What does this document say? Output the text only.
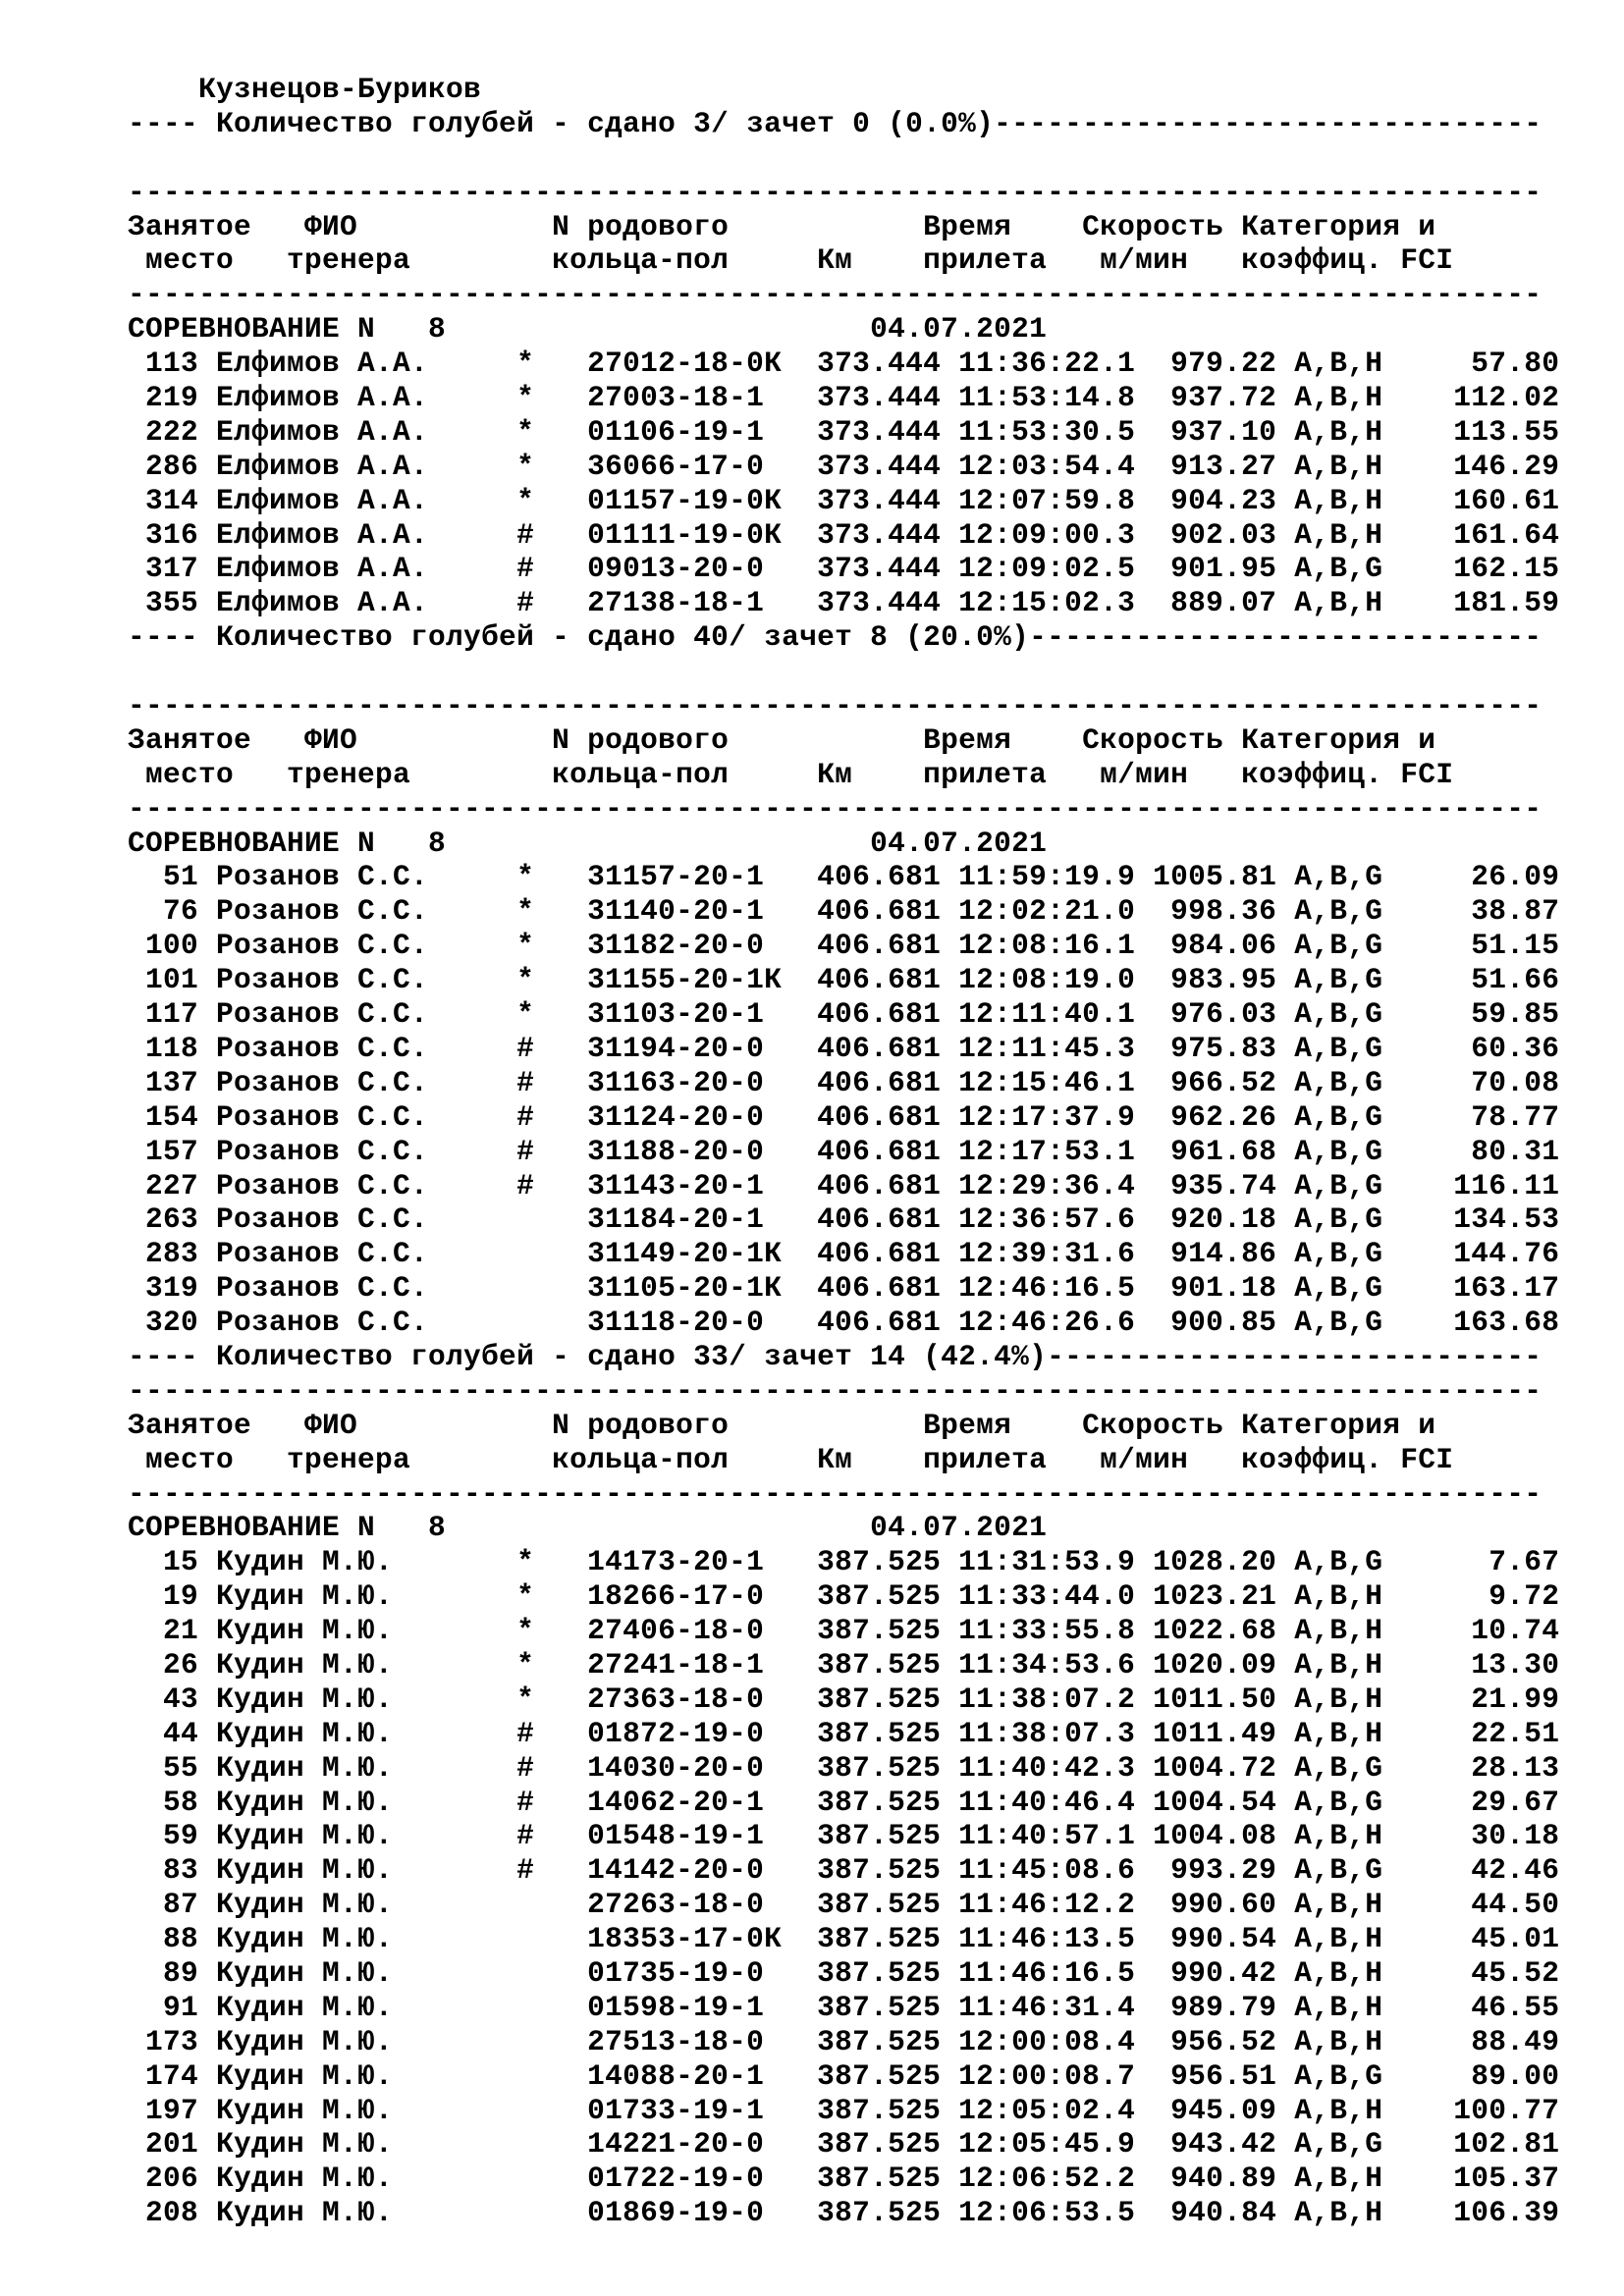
Кузнецов-Буриков
---- Количество голубей - сдано 3/ зачет 0 (0.0%)-------------------------------
--------------------------------------------------------------------------------
Занятое   ФИО           N родового           Время    Скорость Категория и
место   тренера        кольца-пол     Км    прилета   м/мин   коэффиц. FCI
--------------------------------------------------------------------------------
СОРЕВНОВАНИЕ N   8                        04.07.2021
113 Елфимов А.А.     *   27012-18-0К  373.444 11:36:22.1  979.22 A,B,H     57.80
219 Елфимов А.А.     *   27003-18-1   373.444 11:53:14.8  937.72 A,B,H    112.02
222 Елфимов А.А.     *   01106-19-1   373.444 11:53:30.5  937.10 A,B,H    113.55
286 Елфимов А.А.     *   36066-17-0   373.444 12:03:54.4  913.27 A,B,H    146.29
314 Елфимов А.А.     *   01157-19-0К  373.444 12:07:59.8  904.23 A,B,H    160.61
316 Елфимов А.А.     #   01111-19-0К  373.444 12:09:00.3  902.03 A,B,H    161.64
317 Елфимов А.А.     #   09013-20-0   373.444 12:09:02.5  901.95 A,B,G    162.15
355 Елфимов А.А.     #   27138-18-1   373.444 12:15:02.3  889.07 A,B,H    181.59
---- Количество голубей - сдано 40/ зачет 8 (20.0%)-----------------------------
--------------------------------------------------------------------------------
Занятое   ФИО           N родового           Время    Скорость Категория и
место   тренера        кольца-пол     Км    прилета   м/мин   коэффиц. FCI
--------------------------------------------------------------------------------
СОРЕВНОВАНИЕ N   8                        04.07.2021
51 Розанов С.С.     *   31157-20-1   406.681 11:59:19.9 1005.81 A,B,G     26.09
76 Розанов С.С.     *   31140-20-1   406.681 12:02:21.0  998.36 A,B,G     38.87
100 Розанов С.С.     *   31182-20-0   406.681 12:08:16.1  984.06 A,B,G     51.15
101 Розанов С.С.     *   31155-20-1К  406.681 12:08:19.0  983.95 A,B,G     51.66
117 Розанов С.С.     *   31103-20-1   406.681 12:11:40.1  976.03 A,B,G     59.85
118 Розанов С.С.     #   31194-20-0   406.681 12:11:45.3  975.83 A,B,G     60.36
137 Розанов С.С.     #   31163-20-0   406.681 12:15:46.1  966.52 A,B,G     70.08
154 Розанов С.С.     #   31124-20-0   406.681 12:17:37.9  962.26 A,B,G     78.77
157 Розанов С.С.     #   31188-20-0   406.681 12:17:53.1  961.68 A,B,G     80.31
227 Розанов С.С.     #   31143-20-1   406.681 12:29:36.4  935.74 A,B,G    116.11
263 Розанов С.С.         31184-20-1   406.681 12:36:57.6  920.18 A,B,G    134.53
283 Розанов С.С.         31149-20-1К  406.681 12:39:31.6  914.86 A,B,G    144.76
319 Розанов С.С.         31105-20-1К  406.681 12:46:16.5  901.18 A,B,G    163.17
320 Розанов С.С.         31118-20-0   406.681 12:46:26.6  900.85 A,B,G    163.68
---- Количество голубей - сдано 33/ зачет 14 (42.4%)----------------------------
--------------------------------------------------------------------------------
Занятое   ФИО           N родового           Время    Скорость Категория и
место   тренера        кольца-пол     Км    прилета   м/мин   коэффиц. FCI
--------------------------------------------------------------------------------
СОРЕВНОВАНИЕ N   8                        04.07.2021
15 Кудин М.Ю.       *   14173-20-1   387.525 11:31:53.9 1028.20 A,B,G      7.67
19 Кудин М.Ю.       *   18266-17-0   387.525 11:33:44.0 1023.21 A,B,H      9.72
21 Кудин М.Ю.       *   27406-18-0   387.525 11:33:55.8 1022.68 A,B,H     10.74
26 Кудин М.Ю.       *   27241-18-1   387.525 11:34:53.6 1020.09 A,B,H     13.30
43 Кудин М.Ю.       *   27363-18-0   387.525 11:38:07.2 1011.50 A,B,H     21.99
44 Кудин М.Ю.       #   01872-19-0   387.525 11:38:07.3 1011.49 A,B,H     22.51
55 Кудин М.Ю.       #   14030-20-0   387.525 11:40:42.3 1004.72 A,B,G     28.13
58 Кудин М.Ю.       #   14062-20-1   387.525 11:40:46.4 1004.54 A,B,G     29.67
59 Кудин М.Ю.       #   01548-19-1   387.525 11:40:57.1 1004.08 A,B,H     30.18
83 Кудин М.Ю.       #   14142-20-0   387.525 11:45:08.6  993.29 A,B,G     42.46
87 Кудин М.Ю.           27263-18-0   387.525 11:46:12.2  990.60 A,B,H     44.50
88 Кудин М.Ю.           18353-17-0К  387.525 11:46:13.5  990.54 A,B,H     45.01
89 Кудин М.Ю.           01735-19-0   387.525 11:46:16.5  990.42 A,B,H     45.52
91 Кудин М.Ю.           01598-19-1   387.525 11:46:31.4  989.79 A,B,H     46.55
173 Кудин М.Ю.           27513-18-0   387.525 12:00:08.4  956.52 A,B,H     88.49
174 Кудин М.Ю.           14088-20-1   387.525 12:00:08.7  956.51 A,B,G     89.00
197 Кудин М.Ю.           01733-19-1   387.525 12:05:02.4  945.09 A,B,H    100.77
201 Кудин М.Ю.           14221-20-0   387.525 12:05:45.9  943.42 A,B,G    102.81
206 Кудин М.Ю.           01722-19-0   387.525 12:06:52.2  940.89 A,B,H    105.37
208 Кудин М.Ю.           01869-19-0   387.525 12:06:53.5  940.84 A,B,H    106.39
